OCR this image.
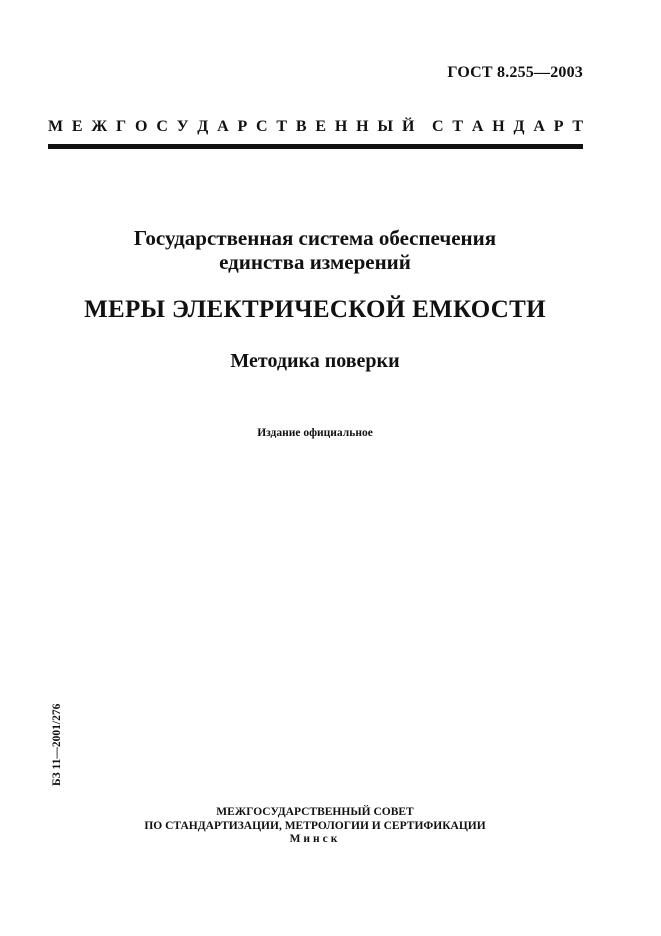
ГОСТ 8.255—2003
М Е Ж Г О С У Д А Р С Т В Е Н Н Ы Й С Т А Н Д А Р Т
Государственная система обеспечения
единства измерений
МЕРЫ ЭЛЕКТРИЧЕСКОЙ ЕМКОСТИ
Методика поверки
Издание официальное
БЗ 11—2001/276
МЕЖГОСУДАРСТВЕННЫЙ СОВЕТ
ПО СТАНДАРТИЗАЦИИ, МЕТРОЛОГИИ И СЕРТИФИКАЦИИ
Минск
